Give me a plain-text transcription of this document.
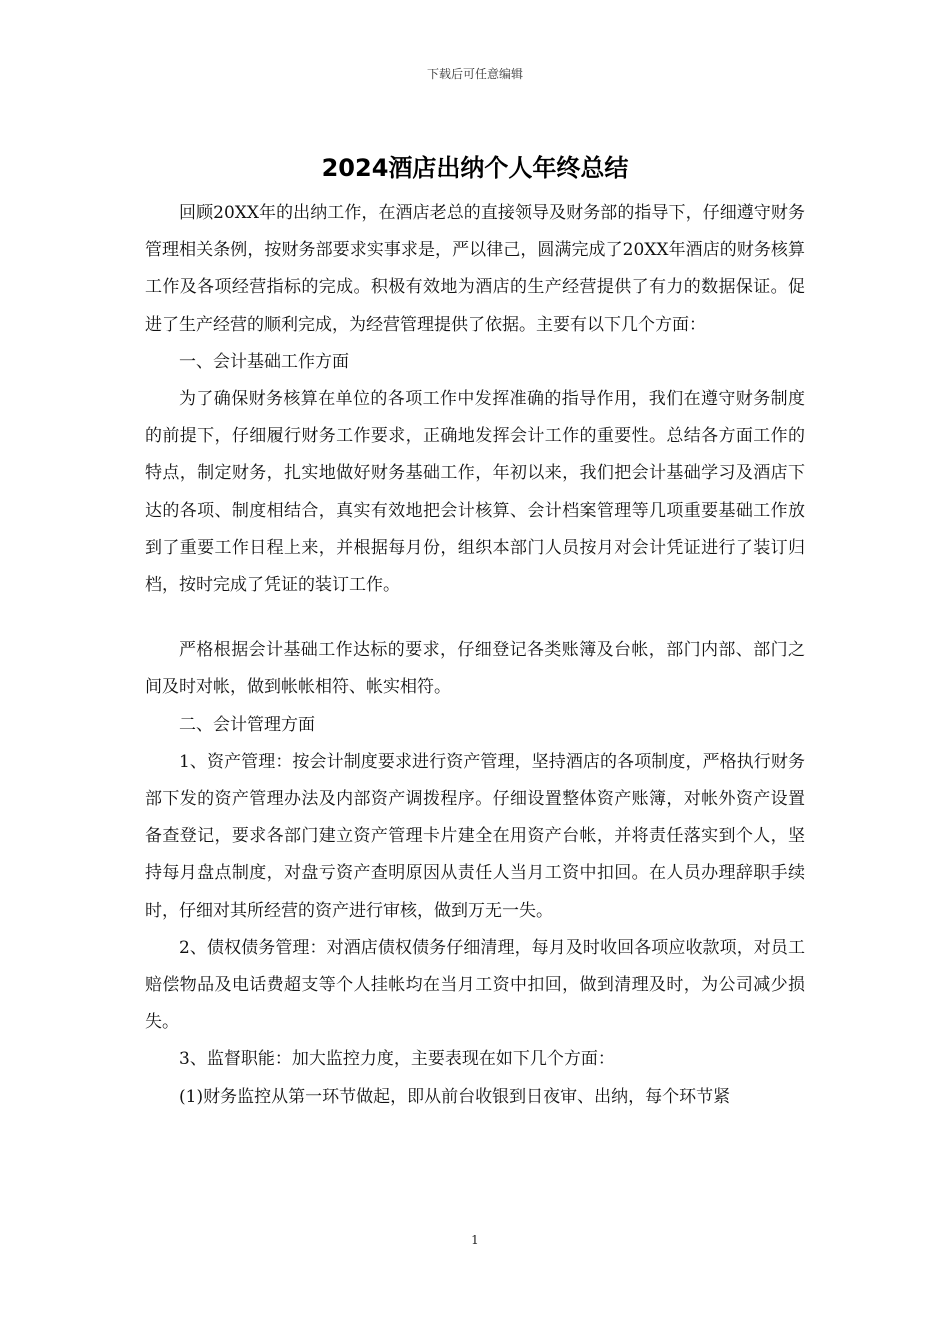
下载后可任意编辑
2024酒店出纳个人年终总结

回顾20XX年的出纳工作，在酒店老总的直接领导及财务部的指导下，仔细遵守财务管理相关条例，按财务部要求实事求是，严以律己，圆满完成了20XX年酒店的财务核算工作及各项经营指标的完成。积极有效地为酒店的生产经营提供了有力的数据保证。促进了生产经营的顺利完成，为经营管理提供了依据。主要有以下几个方面：

一、会计基础工作方面

为了确保财务核算在单位的各项工作中发挥准确的指导作用，我们在遵守财务制度的前提下，仔细履行财务工作要求，正确地发挥会计工作的重要性。总结各方面工作的特点，制定财务，扎实地做好财务基础工作，年初以来，我们把会计基础学习及酒店下达的各项、制度相结合，真实有效地把会计核算、会计档案管理等几项重要基础工作放到了重要工作日程上来，并根据每月份，组织本部门人员按月对会计凭证进行了装订归档，按时完成了凭证的装订工作。

严格根据会计基础工作达标的要求，仔细登记各类账簿及台帐，部门内部、部门之间及时对帐，做到帐帐相符、帐实相符。

二、会计管理方面

1、资产管理：按会计制度要求进行资产管理，坚持酒店的各项制度，严格执行财务部下发的资产管理办法及内部资产调拨程序。仔细设置整体资产账簿，对帐外资产设置备查登记，要求各部门建立资产管理卡片建全在用资产台帐，并将责任落实到个人，坚持每月盘点制度，对盘亏资产查明原因从责任人当月工资中扣回。在人员办理辞职手续时，仔细对其所经营的资产进行审核，做到万无一失。

2、债权债务管理：对酒店债权债务仔细清理，每月及时收回各项应收款项，对员工赔偿物品及电话费超支等个人挂帐均在当月工资中扣回，做到清理及时，为公司减少损失。

3、监督职能：加大监控力度，主要表现在如下几个方面：

(1)财务监控从第一环节做起，即从前台收银到日夜审、出纳，每个环节紧

1
